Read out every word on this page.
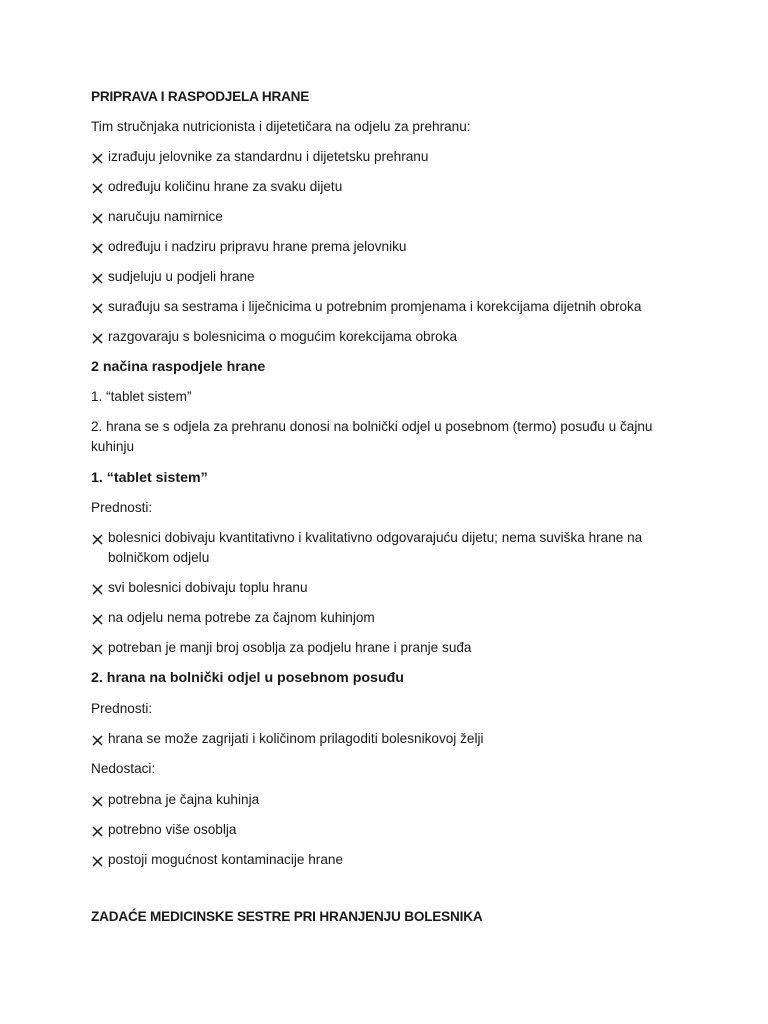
PRIPRAVA I RASPODJELA HRANE

Tim stručnjaka nutricionista i dijetetičara na odjelu za prehranu:

izrađuju jelovnike za standardnu i dijetetsku prehranu
određuju količinu hrane za svaku dijetu
naručuju namirnice
određuju i nadziru pripravu hrane prema jelovniku
sudjeluju u podjeli hrane
surađuju sa sestrama i liječnicima u potrebnim promjenama i korekcijama dijetnih obroka
razgovaraju s bolesnicima o mogućim korekcijama obroka

2 načina raspodjele hrane

1. “tablet sistem”

2. hrana se s odjela za prehranu donosi na bolnički odjel u posebnom (termo) posuđu u čajnu kuhinju

1. “tablet sistem”

Prednosti:

bolesnici dobivaju kvantitativno i kvalitativno odgovarajuću dijetu; nema suviška hrane na bolničkom odjelu
svi bolesnici dobivaju toplu hranu
na odjelu nema potrebe za čajnom kuhinjom
potreban je manji broj osoblja za podjelu hrane i pranje suđa

2. hrana na bolnički odjel u posebnom posuđu

Prednosti:

hrana se može zagrijati i količinom prilagoditi bolesnikovoj želji

Nedostaci:

potrebna je čajna kuhinja
potrebno više osoblja
postoji mogućnost kontaminacije hrane

ZADAĆE MEDICINSKE SESTRE PRI HRANJENJU BOLESNIKA
